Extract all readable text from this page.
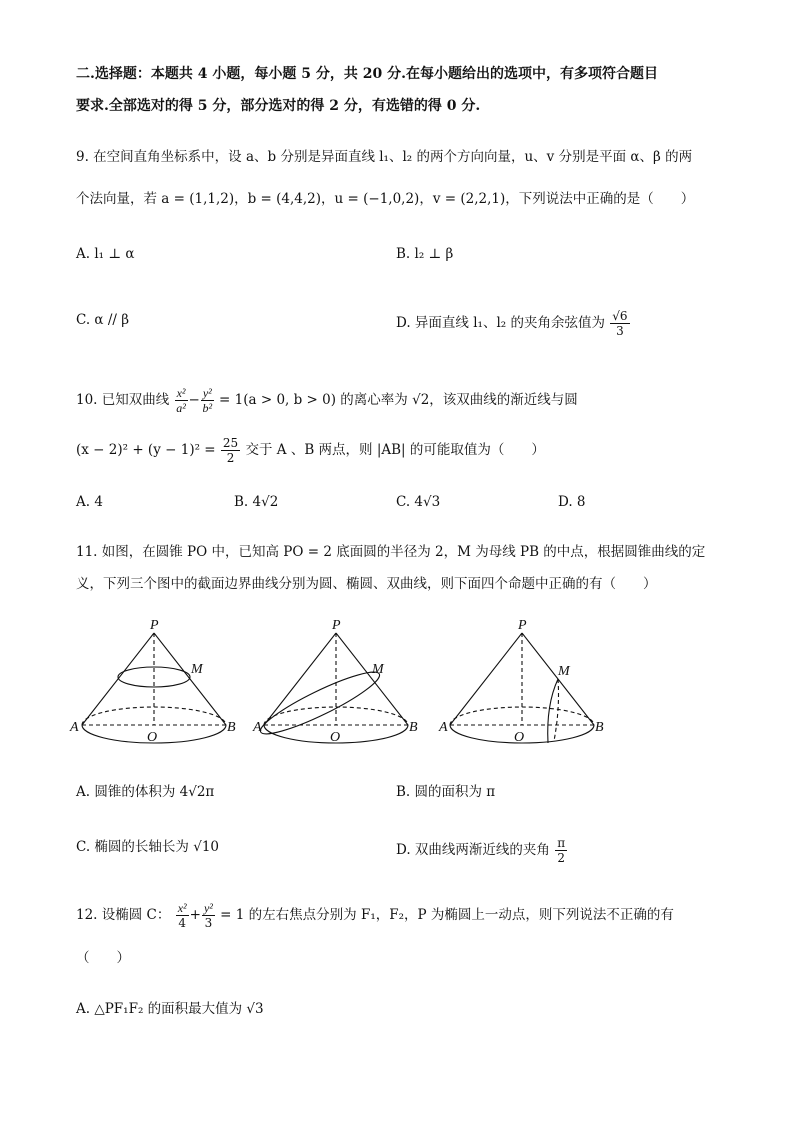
二.选择题：本题共 4 小题，每小题 5 分，共 20 分.在每小题给出的选项中，有多项符合题目
要求.全部选对的得 5 分，部分选对的得 2 分，有选错的得 0 分.
9. 在空间直角坐标系中，设 a、b 分别是异面直线 l₁、l₂ 的两个方向向量，u、v 分别是平面 α、β 的两
个法向量，若 a = (1,1,2)，b = (4,4,2)，u = (−1,0,2)，v = (2,2,1)，下列说法中正确的是（　　）
A. l₁ ⊥ α	B. l₂ ⊥ β
C. α // β	D. 异面直线 l₁、l₂ 的夹角余弦值为 $\frac{√6}{3}$
10. 已知双曲线 $\frac{\text{x²}}{\text{a²}} - \frac{\text{y²}}{\text{b²}} = 1(a > 0$, b > 0) 的离心率为 √2，该双曲线的渐近线与圆
$(x - 2)^2 + (y - 1)^2 = \frac{25}{2}$ 交于 A 、B 两点，则 |AB| 的可能取值为（　　）
A. 4	B. 4√2	C. 4√3	D. 8
11. 如图，在圆锥 PO 中，已知高 PO = 2 底面圆的半径为 2，M 为母线 PB 的中点，根据圆锥曲线的定
义，下列三个图中的截面边界曲线分别为圆、椭圆、双曲线，则下面四个命题中正确的有（　　）
P
M
A	B
O
P
M
A	B
O
P
M
A	B
O
A. 圆锥的体积为 4√2π	B. 圆的面积为 π
C. 椭圆的长轴长为 √10	D. 双曲线两渐近线的夹角 $\frac{\pi}{2}$
12. 设椭圆 C： $\frac{\text{x²}}{4} + \frac{\text{y²}}{3} = 1$ 的左右焦点分别为 F₁，F₂，P 为椭圆上一动点，则下列说法不正确的有
（　　）
A. △PF₁F₂ 的面积最大值为 √3
